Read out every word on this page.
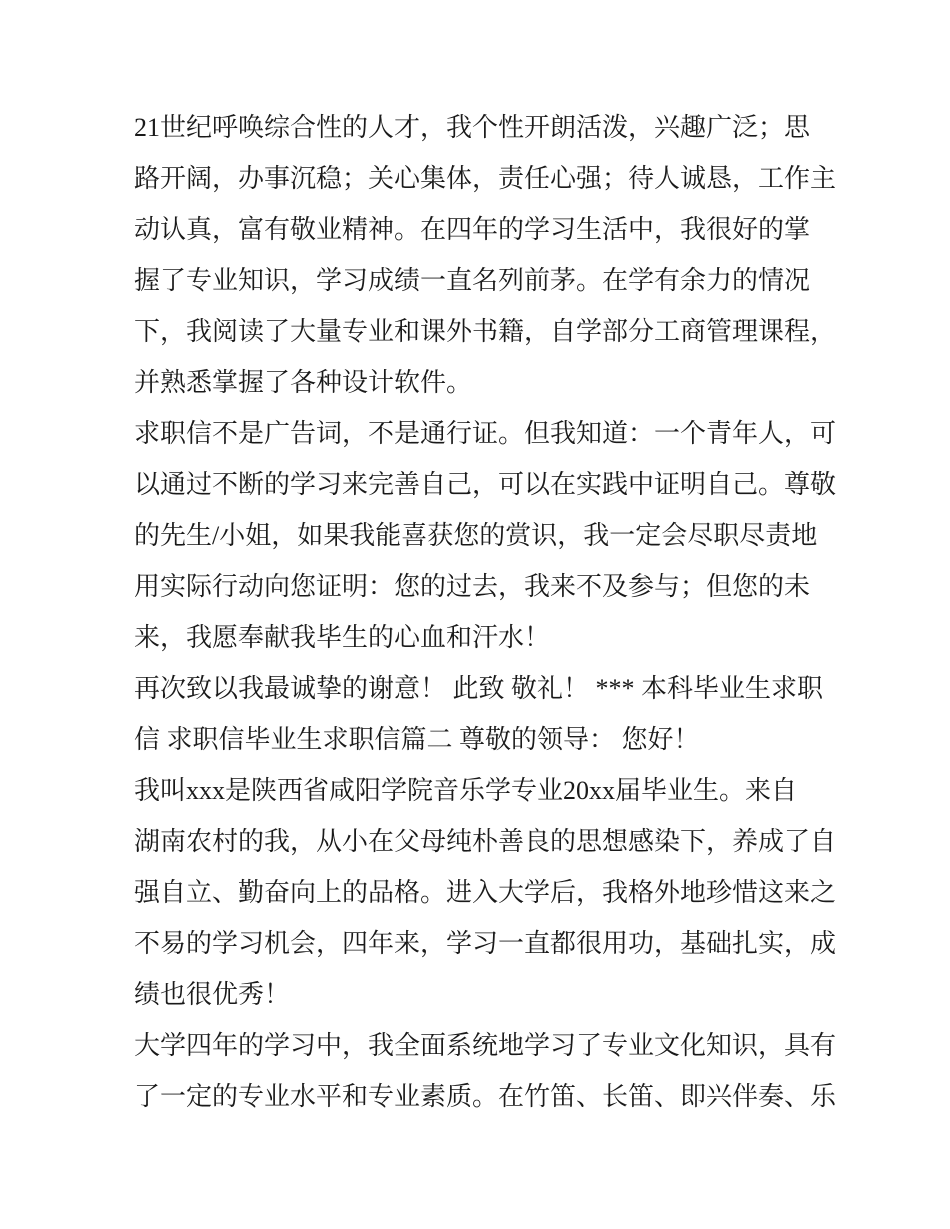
21世纪呼唤综合性的人才，我个性开朗活泼，兴趣广泛；思
路开阔，办事沉稳；关心集体，责任心强；待人诚恳，工作主
动认真，富有敬业精神。在四年的学习生活中，我很好的掌
握了专业知识，学习成绩一直名列前茅。在学有余力的情况
下，我阅读了大量专业和课外书籍，自学部分工商管理课程，
并熟悉掌握了各种设计软件。
求职信不是广告词，不是通行证。但我知道：一个青年人，可
以通过不断的学习来完善自己，可以在实践中证明自己。尊敬
的先生/小姐，如果我能喜获您的赏识，我一定会尽职尽责地
用实际行动向您证明：您的过去，我来不及参与；但您的未
来，我愿奉献我毕生的心血和汗水！
再次致以我最诚挚的谢意！ 此致 敬礼！ *** 本科毕业生求职
信 求职信毕业生求职信篇二 尊敬的领导： 您好！
我叫xxx是陕西省咸阳学院音乐学专业20xx届毕业生。来自
湖南农村的我，从小在父母纯朴善良的思想感染下，养成了自
强自立、勤奋向上的品格。进入大学后，我格外地珍惜这来之
不易的学习机会，四年来，学习一直都很用功，基础扎实，成
绩也很优秀！
大学四年的学习中，我全面系统地学习了专业文化知识，具有
了一定的专业水平和专业素质。在竹笛、长笛、即兴伴奏、乐
